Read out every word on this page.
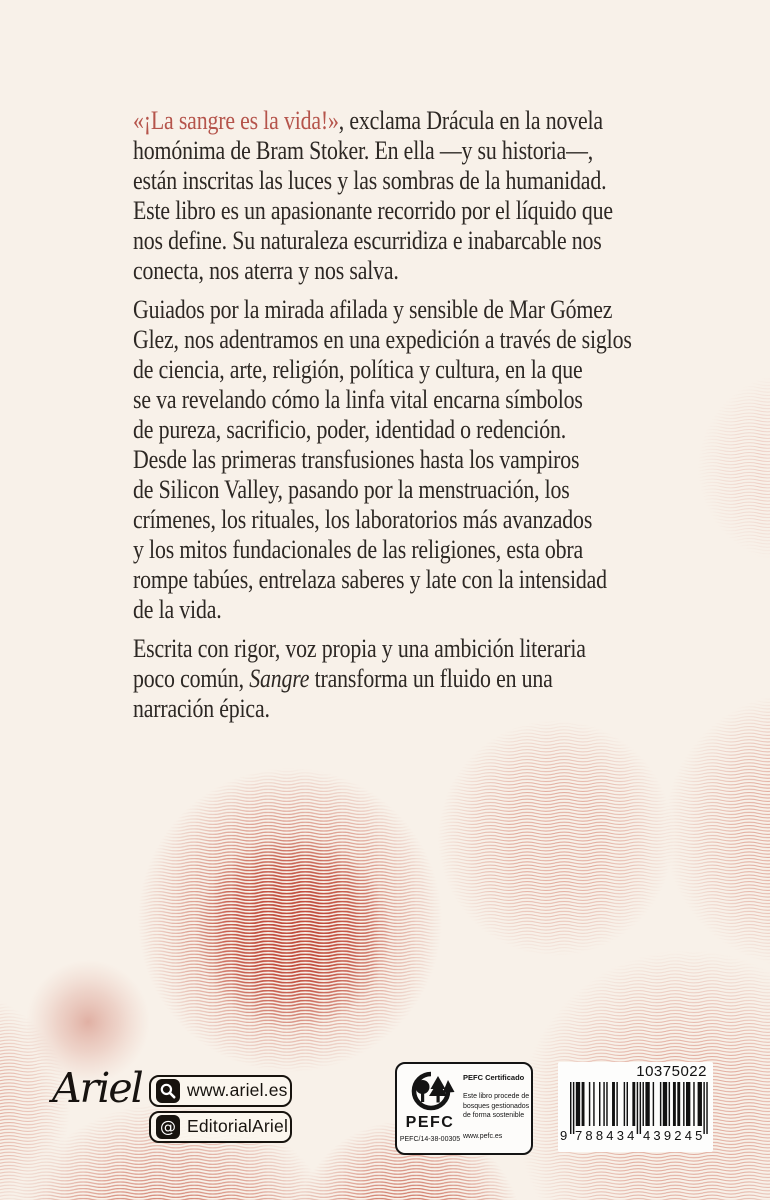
«¡La sangre es la vida!», exclama Drácula en la novela
homónima de Bram Stoker. En ella —y su historia—,
están inscritas las luces y las sombras de la humanidad.
Este libro es un apasionante recorrido por el líquido que
nos define. Su naturaleza escurridiza e inabarcable nos
conecta, nos aterra y nos salva.
Guiados por la mirada afilada y sensible de Mar Gómez
Glez, nos adentramos en una expedición a través de siglos
de ciencia, arte, religión, política y cultura, en la que
se va revelando cómo la linfa vital encarna símbolos
de pureza, sacrificio, poder, identidad o redención.
Desde las primeras transfusiones hasta los vampiros
de Silicon Valley, pasando por la menstruación, los
crímenes, los rituales, los laboratorios más avanzados
y los mitos fundacionales de las religiones, esta obra
rompe tabúes, entrelaza saberes y late con la intensidad
de la vida.
Escrita con rigor, voz propia y una ambición literaria
poco común, Sangre transforma un fluido en una
narración épica.
Ariel	www.ariel.es
@ EditorialAriel	PEFC
PEFC/14-38-00305
PEFC Certificado
Este libro procede de
bosques gestionados
de forma sostenible
www.pefc.es
10375022
9 788434 439245
